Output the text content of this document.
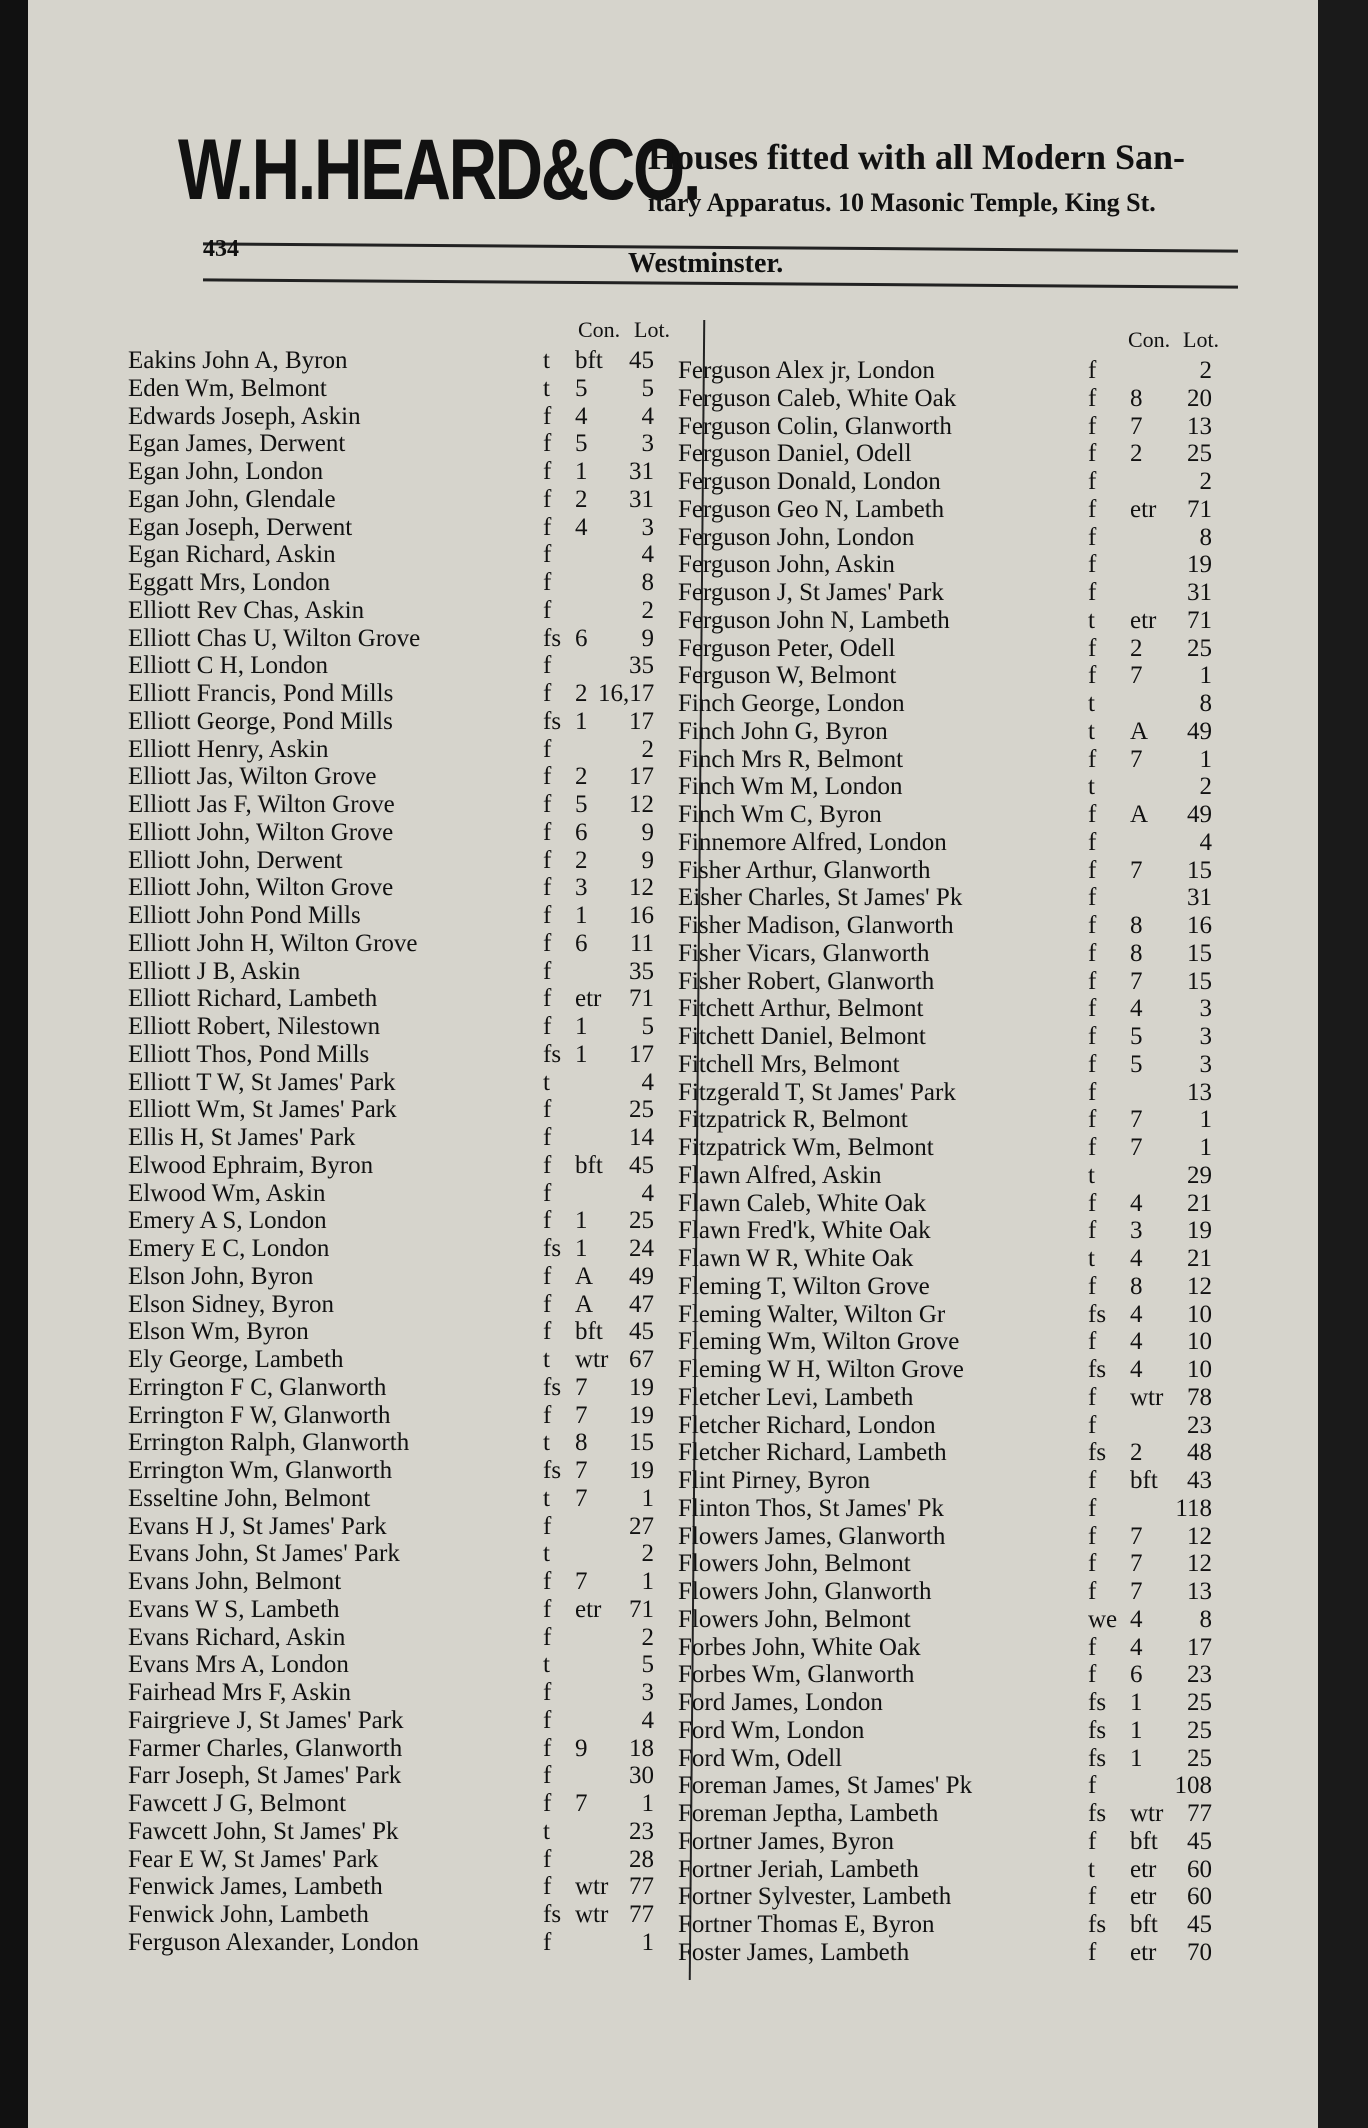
W.H.HEARD&CO.
Houses fitted with all Modern San-
itary Apparatus. 10 Masonic Temple, King St.
434	Westminster.
Con. Lot.
Eakins John A, Byron	t bft	45
Eden Wm, Belmont	t 5	5
Edwards Joseph, Askin	f 4	4
Egan James, Derwent	f 5	3
Egan John, London	f 1	31
Egan John, Glendale	f 2	31
Egan Joseph, Derwent	f 4	3
Egan Richard, Askin	f	4
Eggatt Mrs, London	f	8
Elliott Rev Chas, Askin	f	2
Elliott Chas U, Wilton Grove	fs 6	9
Elliott C H, London	f	35
Elliott Francis, Pond Mills	f 2 16,17
Elliott George, Pond Mills	fs 1	17
Elliott Henry, Askin	f	2
Elliott Jas, Wilton Grove	f 2	17
Elliott Jas F, Wilton Grove	f 5	12
Elliott John, Wilton Grove	f 6	9
Elliott John, Derwent	f 2	9
Elliott John, Wilton Grove	f 3	12
Elliott John Pond Mills	f 1	16
Elliott John H, Wilton Grove	f 6	11
Elliott J B, Askin	f	35
Elliott Richard, Lambeth	f etr	71
Elliott Robert, Nilestown	f 1	5
Elliott Thos, Pond Mills	fs 1	17
Elliott T W, St James' Park	t	4
Elliott Wm, St James' Park	f	25
Ellis H, St James' Park	f	14
Elwood Ephraim, Byron	f bft	45
Elwood Wm, Askin	f	4
Emery A S, London	f 1	25
Emery E C, London	fs 1	24
Elson John, Byron	f A	49
Elson Sidney, Byron	f A	47
Elson Wm, Byron	f bft	45
Ely George, Lambeth	t wtr 67
Errington F C, Glanworth	fs 7	19
Errington F W, Glanworth	f 7	19
Errington Ralph, Glanworth	t 8	15
Errington Wm, Glanworth	fs 7	19
Esseltine John, Belmont	t 7	1
Evans H J, St James' Park	f	27
Evans John, St James' Park	t	2
Evans John, Belmont	f 7	1
Evans W S, Lambeth	f etr	71
Evans Richard, Askin	f	2
Evans Mrs A, London	t	5
Fairhead Mrs F, Askin	f	3
Fairgrieve J, St James' Park	f	4
Farmer Charles, Glanworth	f 9	18
Farr Joseph, St James' Park	f	30
Fawcett J G, Belmont	f 7	1
Fawcett John, St James' Pk	t	23
Fear E W, St James' Park	f	28
Fenwick James, Lambeth	f wtr 77
Fenwick John, Lambeth	fs wtr 77
Ferguson Alexander, London	f	1
Con. Lot.
Ferguson Alex jr, London	f	2
Ferguson Caleb, White Oak	f 8	20
Ferguson Colin, Glanworth	f 7	13
Ferguson Daniel, Odell	f 2	25
Ferguson Donald, London	f	2
Ferguson Geo N, Lambeth	f etr	71
Ferguson John, London	f	8
Ferguson John, Askin	f	19
Ferguson J, St James' Park	f	31
Ferguson John N, Lambeth	t etr	71
Ferguson Peter, Odell	f 2	25
Ferguson W, Belmont	f 7	1
Finch George, London	t	8
Finch John G, Byron	t A	49
Finch Mrs R, Belmont	f 7	1
Finch Wm M, London	t	2
Finch Wm C, Byron	f A	49
Finnemore Alfred, London	f	4
Fisher Arthur, Glanworth	f 7	15
Eisher Charles, St James' Pk	f	31
Fisher Madison, Glanworth	f 8	16
Fisher Vicars, Glanworth	f 8	15
Fisher Robert, Glanworth	f 7	15
Fitchett Arthur, Belmont	f 4	3
Fitchett Daniel, Belmont	f 5	3
Fitchell Mrs, Belmont	f 5	3
Fitzgerald T, St James' Park	f	13
Fitzpatrick R, Belmont	f 7	1
Fitzpatrick Wm, Belmont	f 7	1
Flawn Alfred, Askin	t	29
Flawn Caleb, White Oak	f 4	21
Flawn Fred'k, White Oak	f 3	19
Flawn W R, White Oak	t 4	21
Fleming T, Wilton Grove	f 8	12
Fleming Walter, Wilton Gr	fs 4	10
Fleming Wm, Wilton Grove	f 4	10
Fleming W H, Wilton Grove	fs 4	10
Fletcher Levi, Lambeth	f wtr 78
Fletcher Richard, London	f	23
Fletcher Richard, Lambeth	fs 2	48
Flint Pirney, Byron	f bft	43
Flinton Thos, St James' Pk	f	118
Flowers James, Glanworth	f 7	12
Flowers John, Belmont	f 7	12
Flowers John, Glanworth	f 7	13
Flowers John, Belmont	we 4	8
Forbes John, White Oak	f 4	17
Forbes Wm, Glanworth	f 6	23
Ford James, London	fs 1	25
Ford Wm, London	fs 1	25
Ford Wm, Odell	fs 1	25
Foreman James, St James' Pk	f	108
Foreman Jeptha, Lambeth	fs wtr 77
Fortner James, Byron	f bft	45
Fortner Jeriah, Lambeth	t etr	60
Fortner Sylvester, Lambeth	f etr	60
Fortner Thomas E, Byron	fs bft	45
Foster James, Lambeth	f etr	70
